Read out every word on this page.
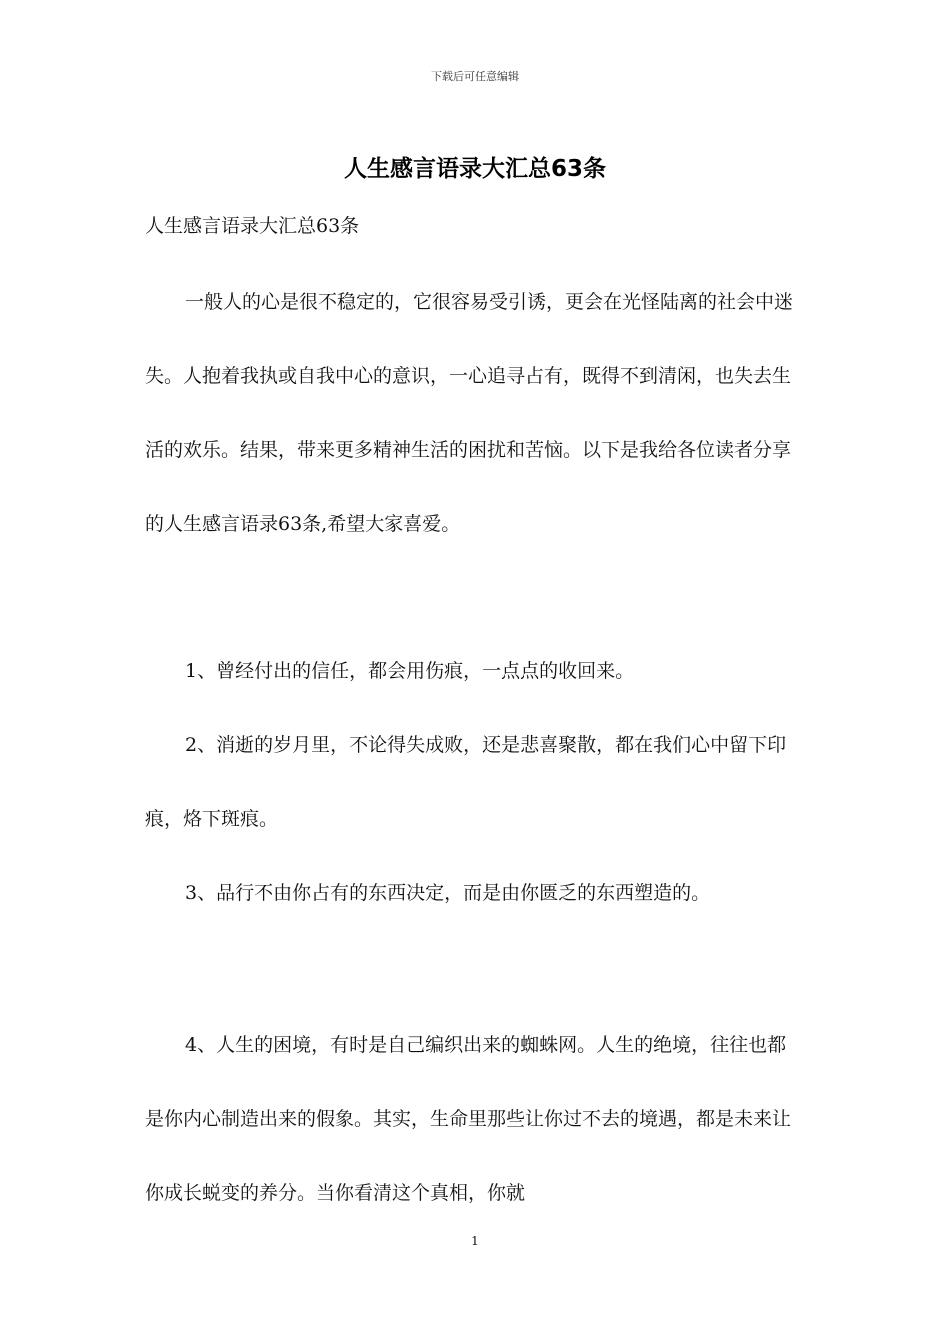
下载后可任意编辑
人生感言语录大汇总63条
人生感言语录大汇总63条

一般人的心是很不稳定的，它很容易受引诱，更会在光怪陆离的社会中迷失。人抱着我执或自我中心的意识，一心追寻占有，既得不到清闲，也失去生活的欢乐。结果，带来更多精神生活的困扰和苦恼。以下是我给各位读者分享的人生感言语录63条,希望大家喜爱。

1、曾经付出的信任，都会用伤痕，一点点的收回来。

2、消逝的岁月里，不论得失成败，还是悲喜聚散，都在我们心中留下印痕，烙下斑痕。

3、品行不由你占有的东西决定，而是由你匮乏的东西塑造的。

4、人生的困境，有时是自己编织出来的蜘蛛网。人生的绝境，往往也都是你内心制造出来的假象。其实，生命里那些让你过不去的境遇，都是未来让你成长蜕变的养分。当你看清这个真相，你就

1
